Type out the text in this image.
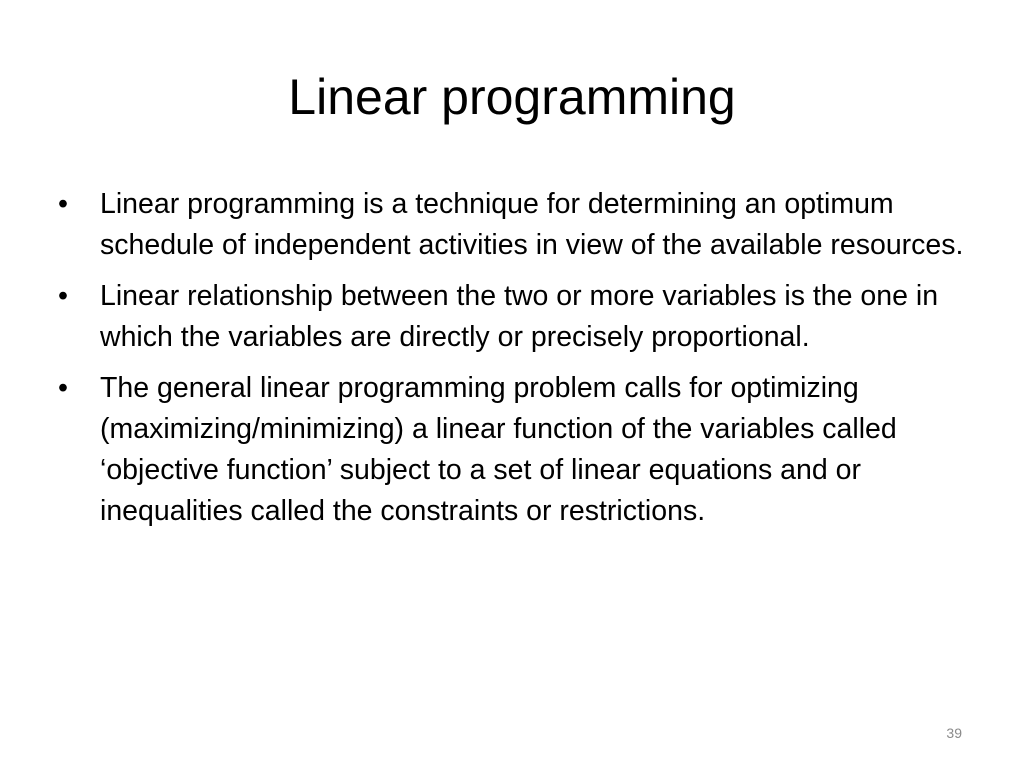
Linear programming
•	Linear programming is a technique for determining an optimum schedule of independent activities in view of the available resources.
•	Linear relationship between the two or more variables is the one in which the variables are directly or precisely proportional.
•	The general linear programming problem calls for optimizing (maximizing/minimizing) a linear function of the variables called ‘objective function’ subject to a set of linear equations and or inequalities called the constraints or restrictions.
39
